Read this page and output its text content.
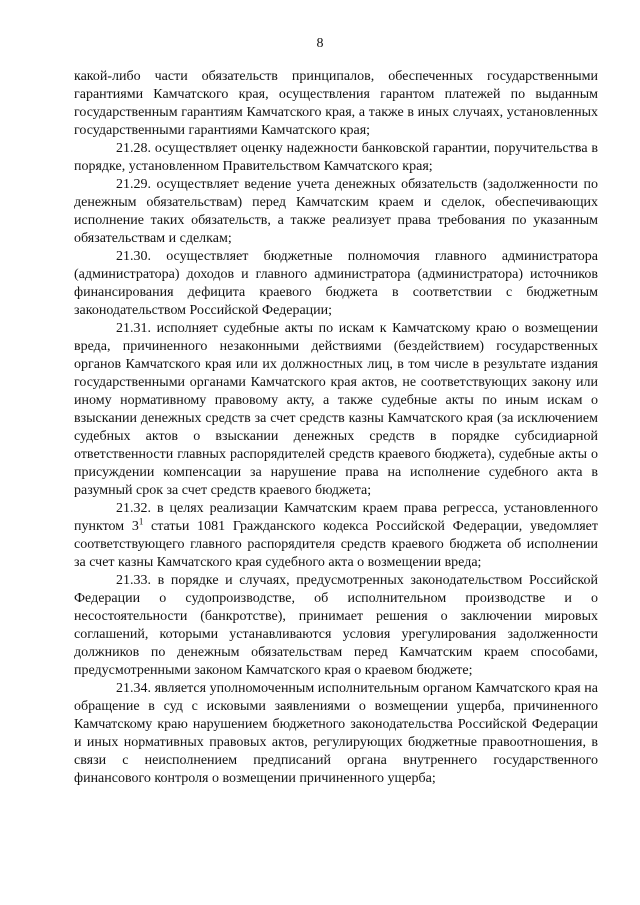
8

какой-либо части обязательств принципалов, обеспеченных государственными гарантиями Камчатского края, осуществления гарантом платежей по выданным государственным гарантиям Камчатского края, а также в иных случаях, установленных государственными гарантиями Камчатского края;

21.28. осуществляет оценку надежности банковской гарантии, поручительства в порядке, установленном Правительством Камчатского края;

21.29. осуществляет ведение учета денежных обязательств (задолженности по денежным обязательствам) перед Камчатским краем и сделок, обеспечивающих исполнение таких обязательств, а также реализует права требования по указанным обязательствам и сделкам;

21.30. осуществляет бюджетные полномочия главного администратора (администратора) доходов и главного администратора (администратора) источников финансирования дефицита краевого бюджета в соответствии с бюджетным законодательством Российской Федерации;

21.31. исполняет судебные акты по искам к Камчатскому краю о возмещении вреда, причиненного незаконными действиями (бездействием) государственных органов Камчатского края или их должностных лиц, в том числе в результате издания государственными органами Камчатского края актов, не соответствующих закону или иному нормативному правовому акту, а также судебные акты по иным искам о взыскании денежных средств за счет средств казны Камчатского края (за исключением судебных актов о взыскании денежных средств в порядке субсидиарной ответственности главных распорядителей средств краевого бюджета), судебные акты о присуждении компенсации за нарушение права на исполнение судебного акта в разумный срок за счет средств краевого бюджета;

21.32. в целях реализации Камчатским краем права регресса, установленного пунктом $3^1$ статьи 1081 Гражданского кодекса Российской Федерации, уведомляет соответствующего главного распорядителя средств краевого бюджета об исполнении за счет казны Камчатского края судебного акта о возмещении вреда;

21.33. в порядке и случаях, предусмотренных законодательством Российской Федерации о судопроизводстве, об исполнительном производстве и о несостоятельности (банкротстве), принимает решения о заключении мировых соглашений, которыми устанавливаются условия урегулирования задолженности должников по денежным обязательствам перед Камчатским краем способами, предусмотренными законом Камчатского края о краевом бюджете;

21.34. является уполномоченным исполнительным органом Камчатского края на обращение в суд с исковыми заявлениями о возмещении ущерба, причиненного Камчатскому краю нарушением бюджетного законодательства Российской Федерации и иных нормативных правовых актов, регулирующих бюджетные правоотношения, в связи с неисполнением предписаний органа внутреннего государственного финансового контроля о возмещении причиненного ущерба;
